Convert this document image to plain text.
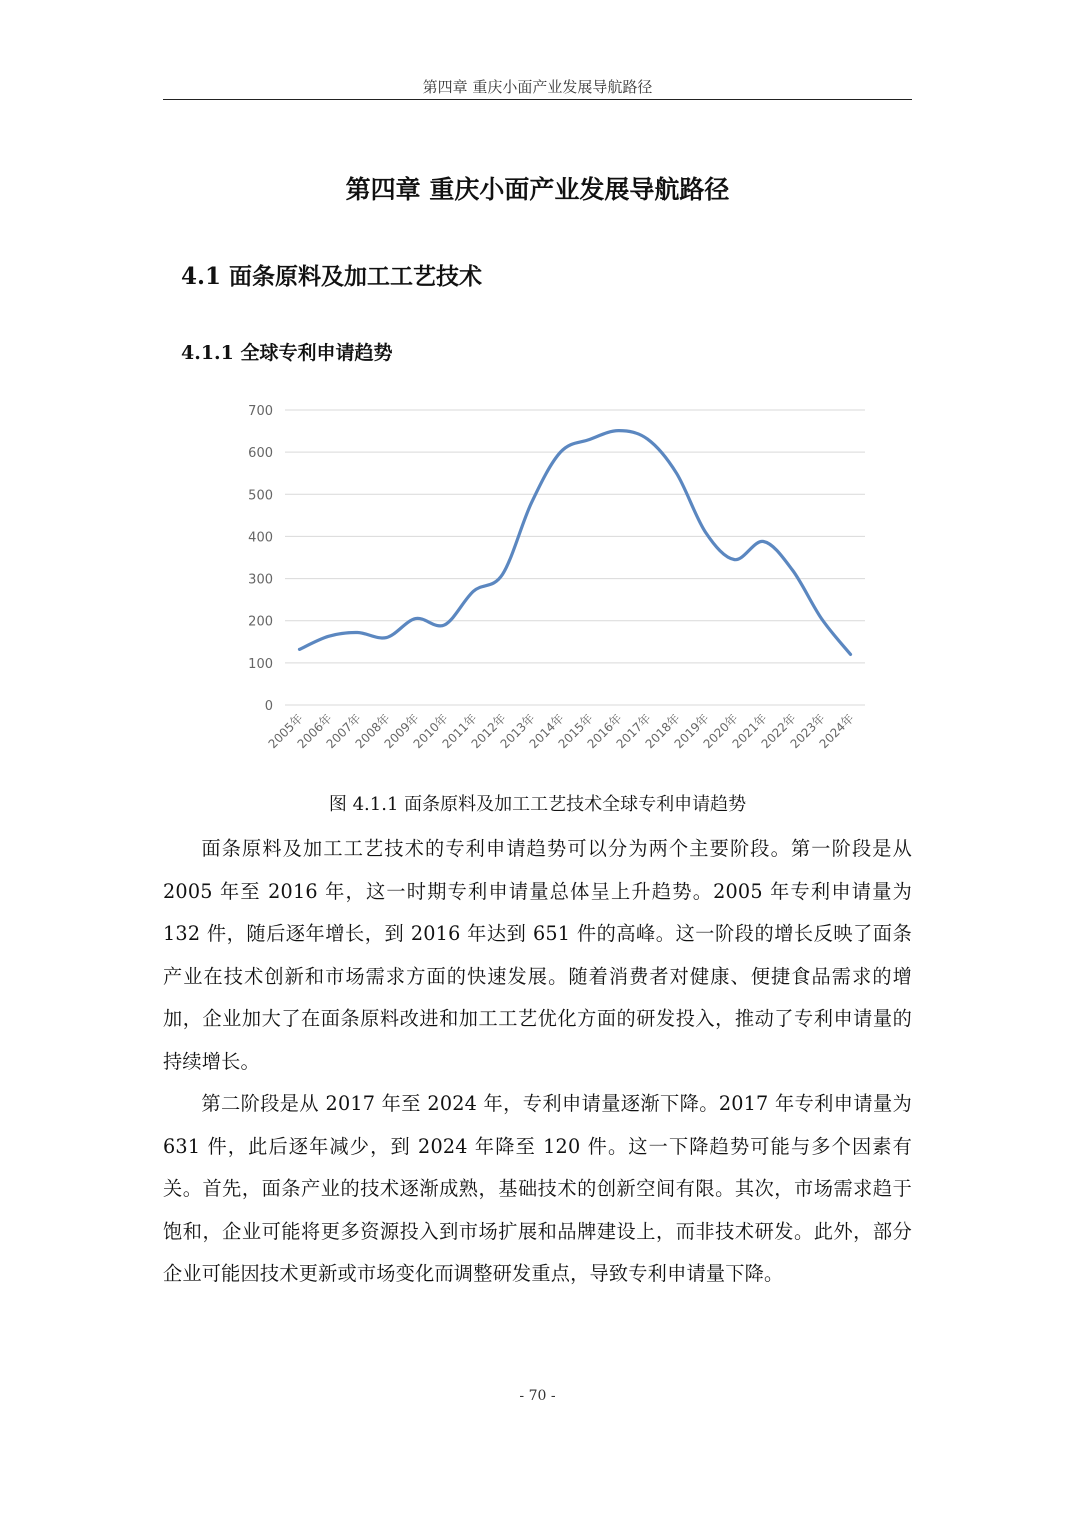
第四章 重庆小面产业发展导航路径
第四章 重庆小面产业发展导航路径
4.1 面条原料及加工工艺技术
4.1.1 全球专利申请趋势
0
100
200
300
400
500
600
700
2005年
2006年
2007年
2008年
2009年
2010年
2011年
2012年
2013年
2014年
2015年
2016年
2017年
2018年
2019年
2020年
2021年
2022年
2023年
2024年
图 4.1.1 面条原料及加工工艺技术全球专利申请趋势

面条原料及加工工艺技术的专利申请趋势可以分为两个主要阶段。第一阶段是从 2005 年至 2016 年，这一时期专利申请量总体呈上升趋势。2005 年专利申请量为 132 件，随后逐年增长，到 2016 年达到 651 件的高峰。这一阶段的增长反映了面条产业在技术创新和市场需求方面的快速发展。随着消费者对健康、便捷食品需求的增加，企业加大了在面条原料改进和加工工艺优化方面的研发投入，推动了专利申请量的持续增长。

第二阶段是从 2017 年至 2024 年，专利申请量逐渐下降。2017 年专利申请量为 631 件，此后逐年减少，到 2024 年降至 120 件。这一下降趋势可能与多个因素有关。首先，面条产业的技术逐渐成熟，基础技术的创新空间有限。其次，市场需求趋于饱和，企业可能将更多资源投入到市场扩展和品牌建设上，而非技术研发。此外，部分企业可能因技术更新或市场变化而调整研发重点，导致专利申请量下降。

- 70 -
